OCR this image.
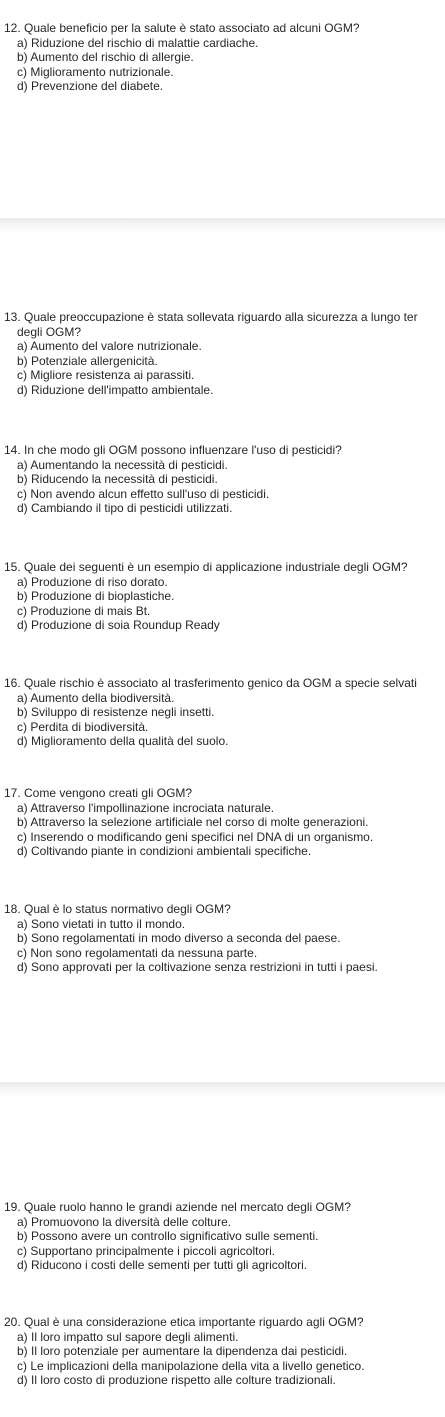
12. Quale beneficio per la salute è stato associato ad alcuni OGM?
a) Riduzione del rischio di malattie cardiache.
b) Aumento del rischio di allergie.
c) Miglioramento nutrizionale.
d) Prevenzione del diabete.
13. Quale preoccupazione è stata sollevata riguardo alla sicurezza a lungo ter
degli OGM?
a) Aumento del valore nutrizionale.
b) Potenziale allergenicità.
c) Migliore resistenza ai parassiti.
d) Riduzione dell'impatto ambientale.
14. In che modo gli OGM possono influenzare l'uso di pesticidi?
a) Aumentando la necessità di pesticidi.
b) Riducendo la necessità di pesticidi.
c) Non avendo alcun effetto sull'uso di pesticidi.
d) Cambiando il tipo di pesticidi utilizzati.
15. Quale dei seguenti è un esempio di applicazione industriale degli OGM?
a) Produzione di riso dorato.
b) Produzione di bioplastiche.
c) Produzione di mais Bt.
d) Produzione di soia Roundup Ready
16. Quale rischio è associato al trasferimento genico da OGM a specie selvati
a) Aumento della biodiversità.
b) Sviluppo di resistenze negli insetti.
c) Perdita di biodiversità.
d) Miglioramento della qualità del suolo.
17. Come vengono creati gli OGM?
a) Attraverso l'impollinazione incrociata naturale.
b) Attraverso la selezione artificiale nel corso di molte generazioni.
c) Inserendo o modificando geni specifici nel DNA di un organismo.
d) Coltivando piante in condizioni ambientali specifiche.
18. Qual è lo status normativo degli OGM?
a) Sono vietati in tutto il mondo.
b) Sono regolamentati in modo diverso a seconda del paese.
c) Non sono regolamentati da nessuna parte.
d) Sono approvati per la coltivazione senza restrizioni in tutti i paesi.
19. Quale ruolo hanno le grandi aziende nel mercato degli OGM?
a) Promuovono la diversità delle colture.
b) Possono avere un controllo significativo sulle sementi.
c) Supportano principalmente i piccoli agricoltori.
d) Riducono i costi delle sementi per tutti gli agricoltori.
20. Qual è una considerazione etica importante riguardo agli OGM?
a) Il loro impatto sul sapore degli alimenti.
b) Il loro potenziale per aumentare la dipendenza dai pesticidi.
c) Le implicazioni della manipolazione della vita a livello genetico.
d) Il loro costo di produzione rispetto alle colture tradizionali.
